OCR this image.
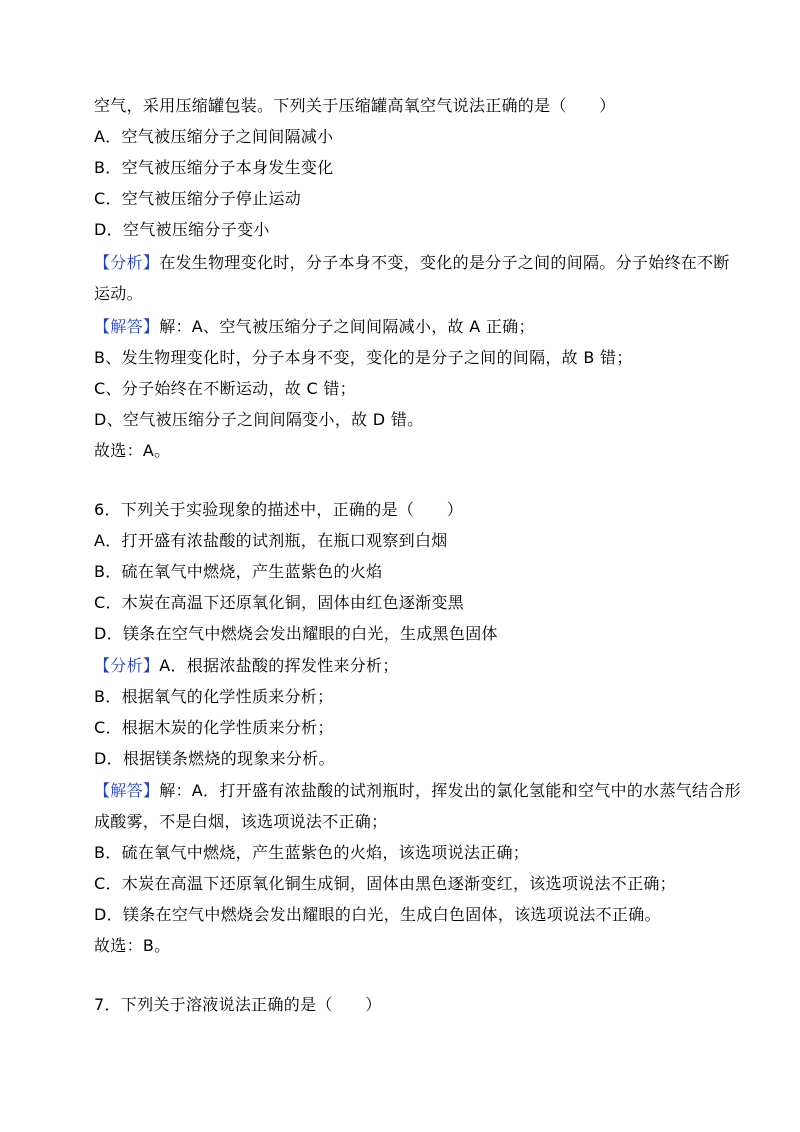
空气，采用压缩罐包装。下列关于压缩罐高氧空气说法正确的是（　　）
A．空气被压缩分子之间间隔减小
B．空气被压缩分子本身发生变化
C．空气被压缩分子停止运动
D．空气被压缩分子变小
【分析】在发生物理变化时，分子本身不变，变化的是分子之间的间隔。分子始终在不断
运动。
【解答】解：A、空气被压缩分子之间间隔减小，故 A 正确；
B、发生物理变化时，分子本身不变，变化的是分子之间的间隔，故 B 错；
C、分子始终在不断运动，故 C 错；
D、空气被压缩分子之间间隔变小，故 D 错。
故选：A。
6．下列关于实验现象的描述中，正确的是（　　）
A．打开盛有浓盐酸的试剂瓶，在瓶口观察到白烟
B．硫在氧气中燃烧，产生蓝紫色的火焰
C．木炭在高温下还原氧化铜，固体由红色逐渐变黑
D．镁条在空气中燃烧会发出耀眼的白光，生成黑色固体
【分析】A．根据浓盐酸的挥发性来分析；
B．根据氧气的化学性质来分析；
C．根据木炭的化学性质来分析；
D．根据镁条燃烧的现象来分析。
【解答】解：A．打开盛有浓盐酸的试剂瓶时，挥发出的氯化氢能和空气中的水蒸气结合形
成酸雾，不是白烟，该选项说法不正确；
B．硫在氧气中燃烧，产生蓝紫色的火焰，该选项说法正确；
C．木炭在高温下还原氧化铜生成铜，固体由黑色逐渐变红，该选项说法不正确；
D．镁条在空气中燃烧会发出耀眼的白光，生成白色固体，该选项说法不正确。
故选：B。
7．下列关于溶液说法正确的是（　　）
